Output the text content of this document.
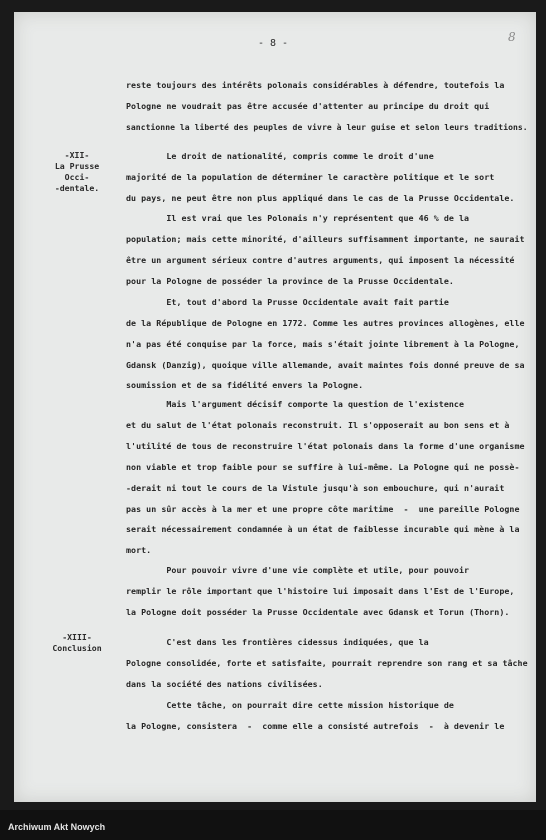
- 8 -	8
-XII-
La Prusse Occi-
-dentale.
-XIII-
Conclusion
reste toujours des intérêts polonais considérables à défendre, toutefois la
Pologne ne voudrait pas être accusée d'attenter au principe du droit qui
sanctionne la liberté des peuples de vivre à leur guise et selon leurs traditions.
Le droit de nationalité, compris comme le droit d'une
majorité de la population de déterminer le caractère politique et le sort
du pays, ne peut être non plus appliqué dans le cas de la Prusse Occidentale.
Il est vrai que les Polonais n'y représentent que 46 % de la
population; mais cette minorité, d'ailleurs suffisamment importante, ne saurait
être un argument sérieux contre d'autres arguments, qui imposent la nécessité
pour la Pologne de posséder la province de la Prusse Occidentale.
Et, tout d'abord la Prusse Occidentale avait fait partie
de la République de Pologne en 1772. Comme les autres provinces allogènes, elle
n'a pas été conquise par la force, mais s'était jointe librement à la Pologne,
Gdansk (Danzig), quoique ville allemande, avait maintes fois donné preuve de sa
soumission et de sa fidélité envers la Pologne.
Mais l'argument décisif comporte la question de l'existence
et du salut de l'état polonais reconstruit. Il s'opposerait au bon sens et à
l'utilité de tous de reconstruire l'état polonais dans la forme d'une organisme
non viable et trop faible pour se suffire à lui-même. La Pologne qui ne possè-
-derait ni tout le cours de la Vistule jusqu'à son embouchure, qui n'aurait
pas un sûr accès à la mer et une propre côte maritime  -  une pareille Pologne
serait nécessairement condamnée à un état de faiblesse incurable qui mène à la
mort.
Pour pouvoir vivre d'une vie complète et utile, pour pouvoir
remplir le rôle important que l'histoire lui imposait dans l'Est de l'Europe,
la Pologne doit posséder la Prusse Occidentale avec Gdansk et Torun (Thorn).
C'est dans les frontières cidessus indiquées, que la
Pologne consolidée, forte et satisfaite, pourrait reprendre son rang et sa tâche
dans la société des nations civilisées.
Cette tâche, on pourrait dire cette mission historique de
la Pologne, consistera  -  comme elle a consisté autrefois  -  à devenir le
Archiwum Akt Nowych
